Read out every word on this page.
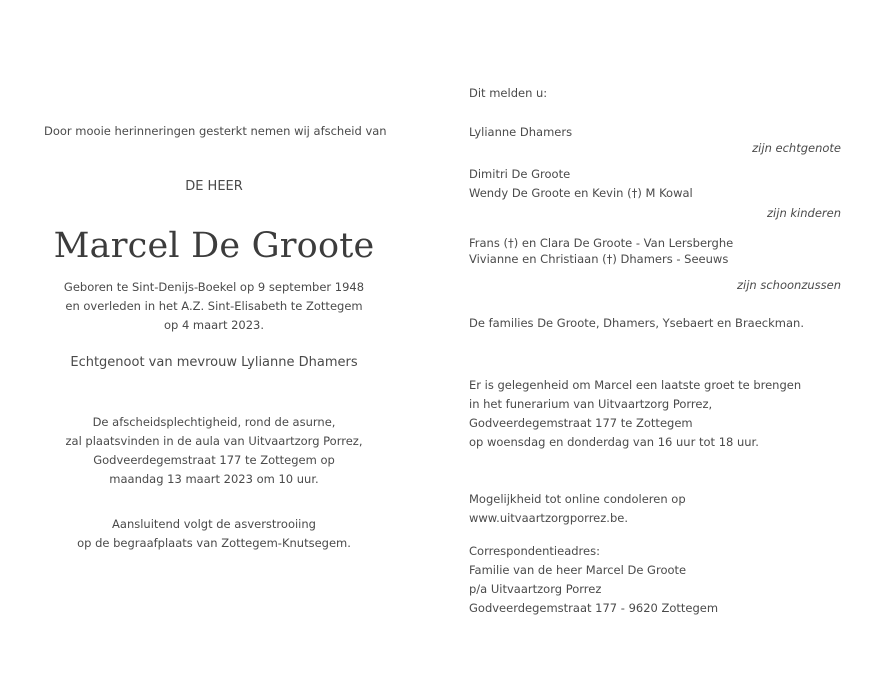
Door mooie herinneringen gesterkt nemen wij afscheid van

DE HEER

Marcel De Groote

Geboren te Sint-Denijs-Boekel op 9 september 1948
en overleden in het A.Z. Sint-Elisabeth te Zottegem
op 4 maart 2023.

Echtgenoot van mevrouw Lylianne Dhamers

De afscheidsplechtigheid, rond de asurne,
zal plaatsvinden in de aula van Uitvaartzorg Porrez,
Godveerdegemstraat 177 te Zottegem op
maandag 13 maart 2023 om 10 uur.
Aansluitend volgt de asverstrooiing
op de begraafplaats van Zottegem-Knutsegem.

Dit melden u:

Lylianne Dhamers

zijn echtgenote

Dimitri De Groote
Wendy De Groote en Kevin (†) M Kowal

zijn kinderen

Frans (†) en Clara De Groote - Van Lersberghe
Vivianne en Christiaan (†) Dhamers - Seeuws

zijn schoonzussen

De families De Groote, Dhamers, Ysebaert en Braeckman.

Er is gelegenheid om Marcel een laatste groet te brengen
in het funerarium van Uitvaartzorg Porrez,
Godveerdegemstraat 177 te Zottegem
op woensdag en donderdag van 16 uur tot 18 uur.
Mogelijkheid tot online condoleren op
www.uitvaartzorgporrez.be.
Correspondentieadres:
Familie van de heer Marcel De Groote
p/a Uitvaartzorg Porrez
Godveerdegemstraat 177 - 9620 Zottegem
